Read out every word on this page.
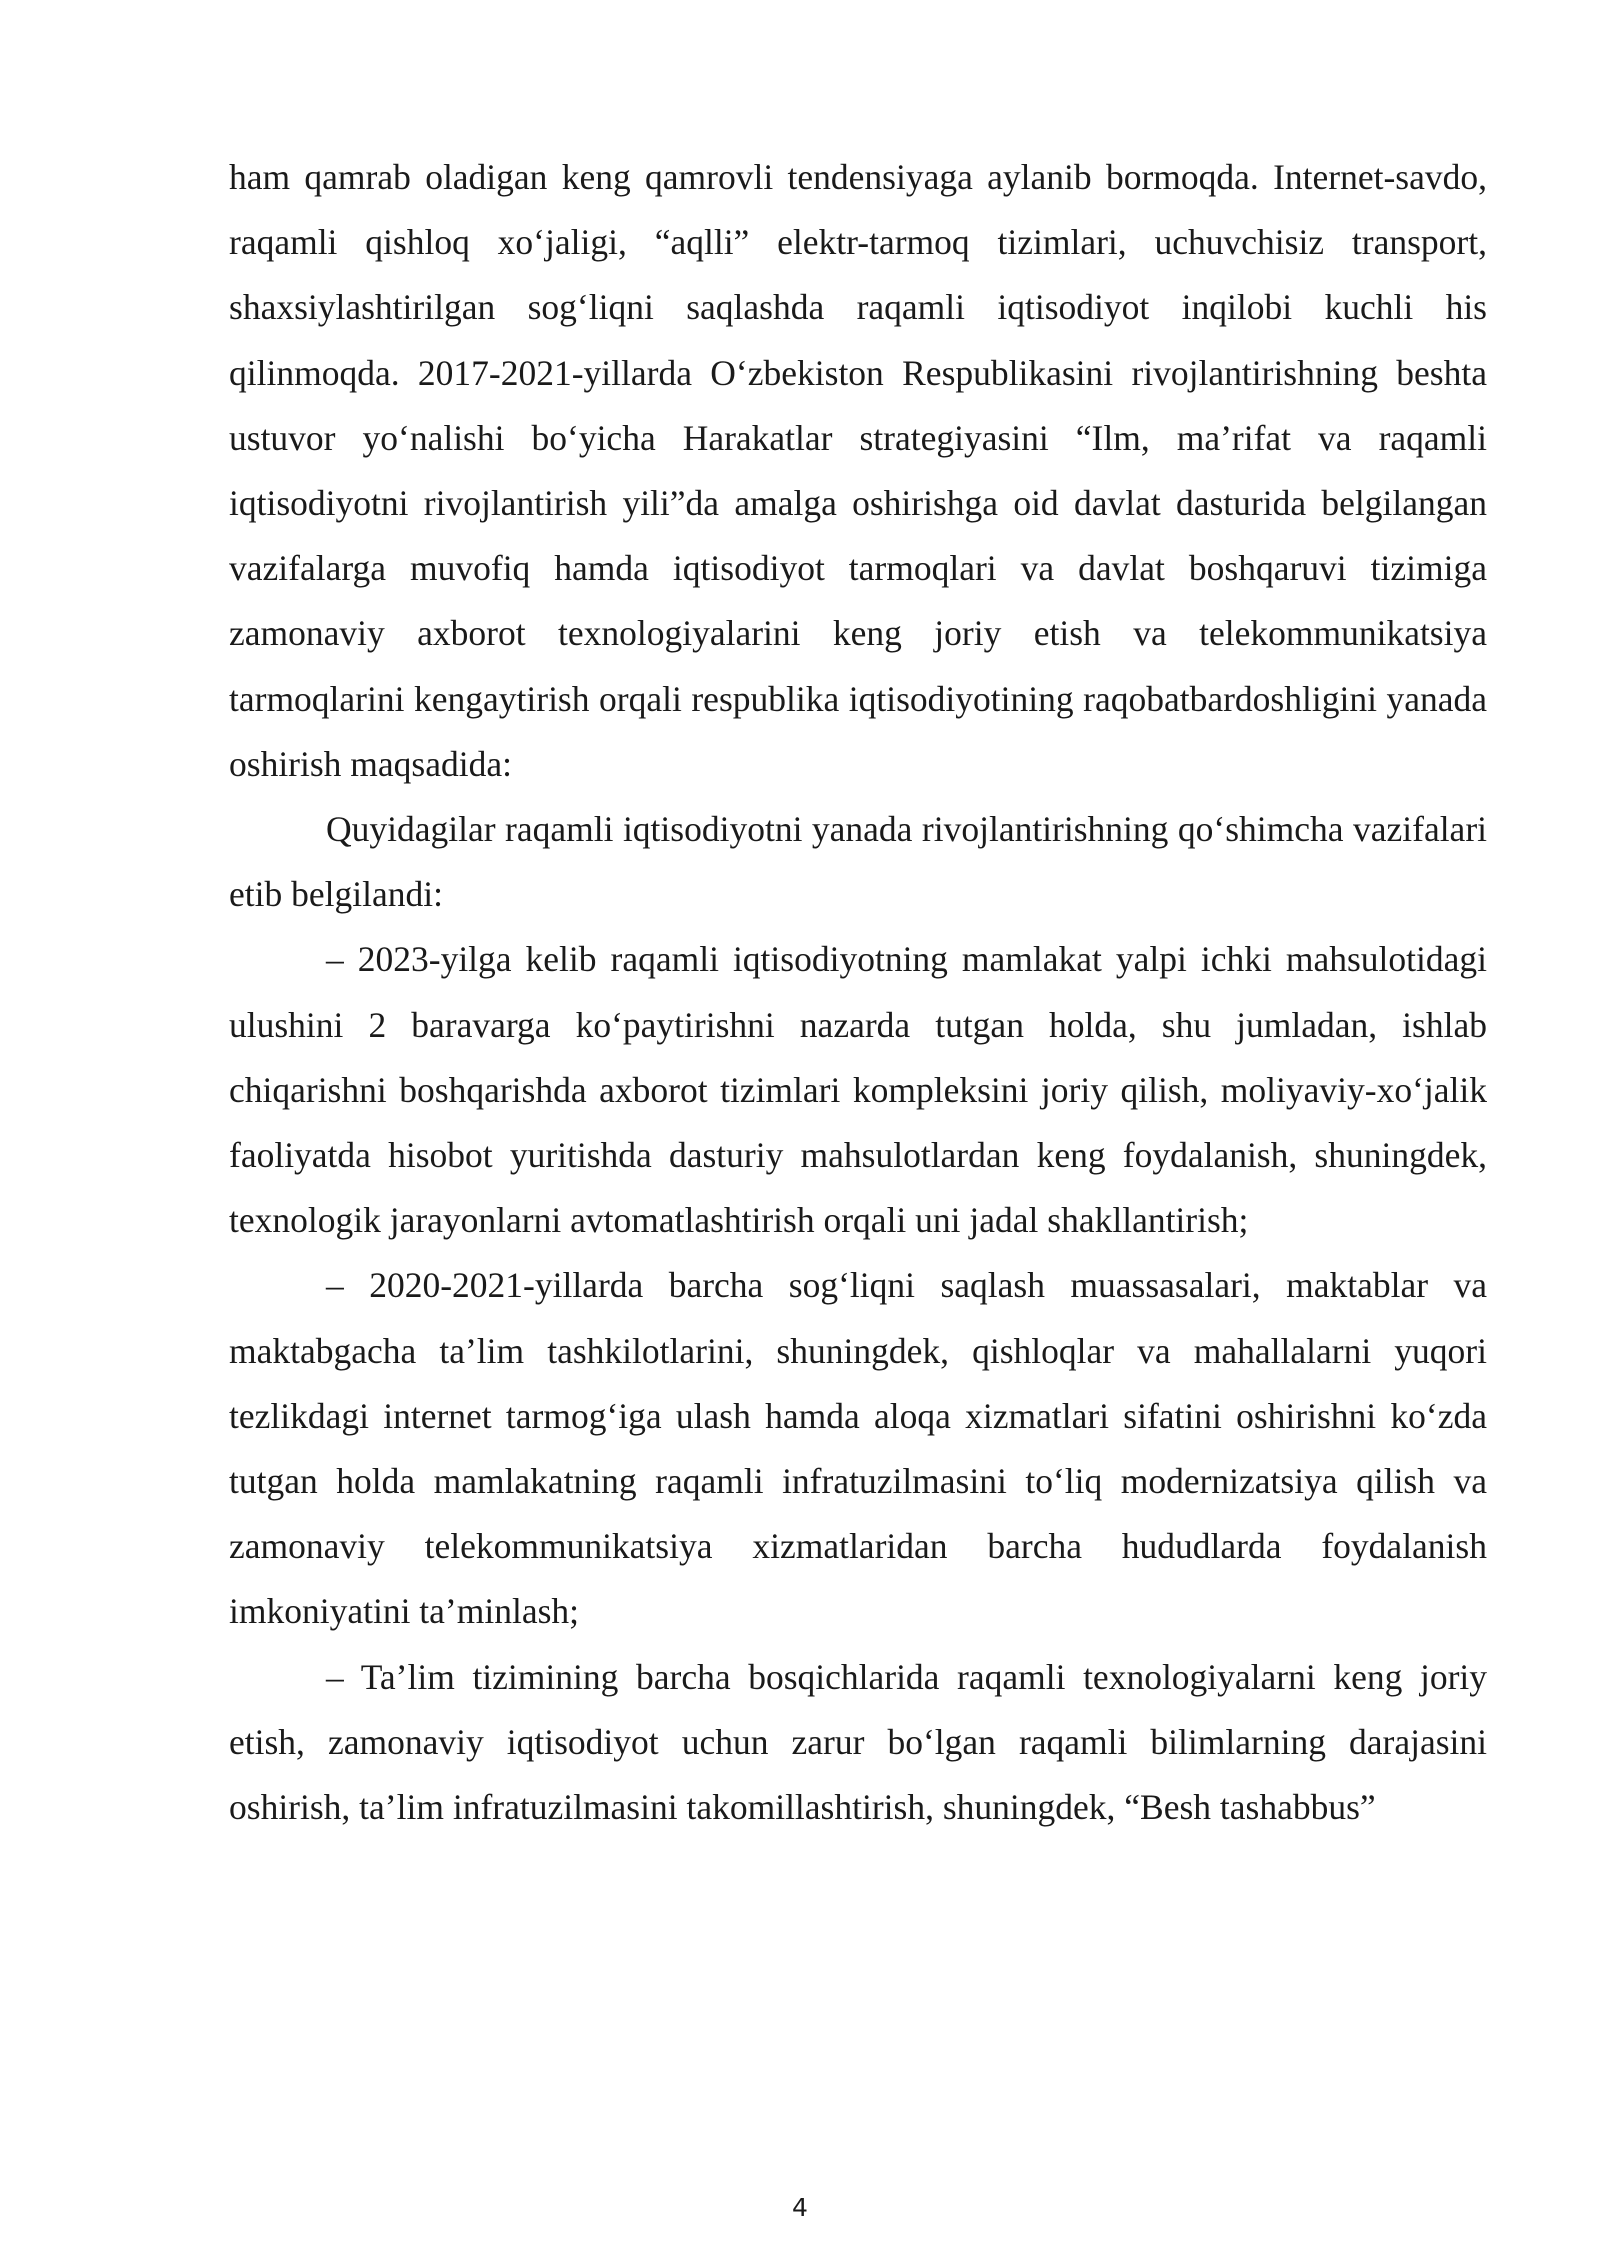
ham qamrab oladigan keng qamrovli tendensiyaga aylanib bormoqda. Internet-savdo, raqamli qishloq xo‘jaligi, “aqlli” elektr-tarmoq tizimlari, uchuvchisiz transport, shaxsiylashtirilgan sog‘liqni saqlashda raqamli iqtisodiyot inqilobi kuchli his qilinmoqda. 2017-2021-yillarda O‘zbekiston Respublikasini rivojlantirishning beshta ustuvor yo‘nalishi bo‘yicha Harakatlar strategiyasini “Ilm, ma’rifat va raqamli iqtisodiyotni rivojlantirish yili”da amalga oshirishga oid davlat dasturida belgilangan vazifalarga muvofiq hamda iqtisodiyot tarmoqlari va davlat boshqaruvi tizimiga zamonaviy axborot texnologiyalarini keng joriy etish va telekommunikatsiya tarmoqlarini kengaytirish orqali respublika iqtisodiyotining raqobatbardoshligini yanada oshirish maqsadida:

Quyidagilar raqamli iqtisodiyotni yanada rivojlantirishning qo‘shimcha vazifalari etib belgilandi:

– 2023-yilga kelib raqamli iqtisodiyotning mamlakat yalpi ichki mahsulotidagi ulushini 2 baravarga ko‘paytirishni nazarda tutgan holda, shu jumladan, ishlab chiqarishni boshqarishda axborot tizimlari kompleksini joriy qilish, moliyaviy-xo‘jalik faoliyatda hisobot yuritishda dasturiy mahsulotlardan keng foydalanish, shuningdek, texnologik jarayonlarni avtomatlashtirish orqali uni jadal shakllantirish;

– 2020-2021-yillarda barcha sog‘liqni saqlash muassasalari, maktablar va maktabgacha ta’lim tashkilotlarini, shuningdek, qishloqlar va mahallalarni yuqori tezlikdagi internet tarmog‘iga ulash hamda aloqa xizmatlari sifatini oshirishni ko‘zda tutgan holda mamlakatning raqamli infratuzilmasini to‘liq modernizatsiya qilish va zamonaviy telekommunikatsiya xizmatlaridan barcha hududlarda foydalanish imkoniyatini ta’minlash;

– Ta’lim tizimining barcha bosqichlarida raqamli texnologiyalarni keng joriy etish, zamonaviy iqtisodiyot uchun zarur bo‘lgan raqamli bilimlarning darajasini oshirish, ta’lim infratuzilmasini takomillashtirish, shuningdek, “Besh tashabbus”

4
